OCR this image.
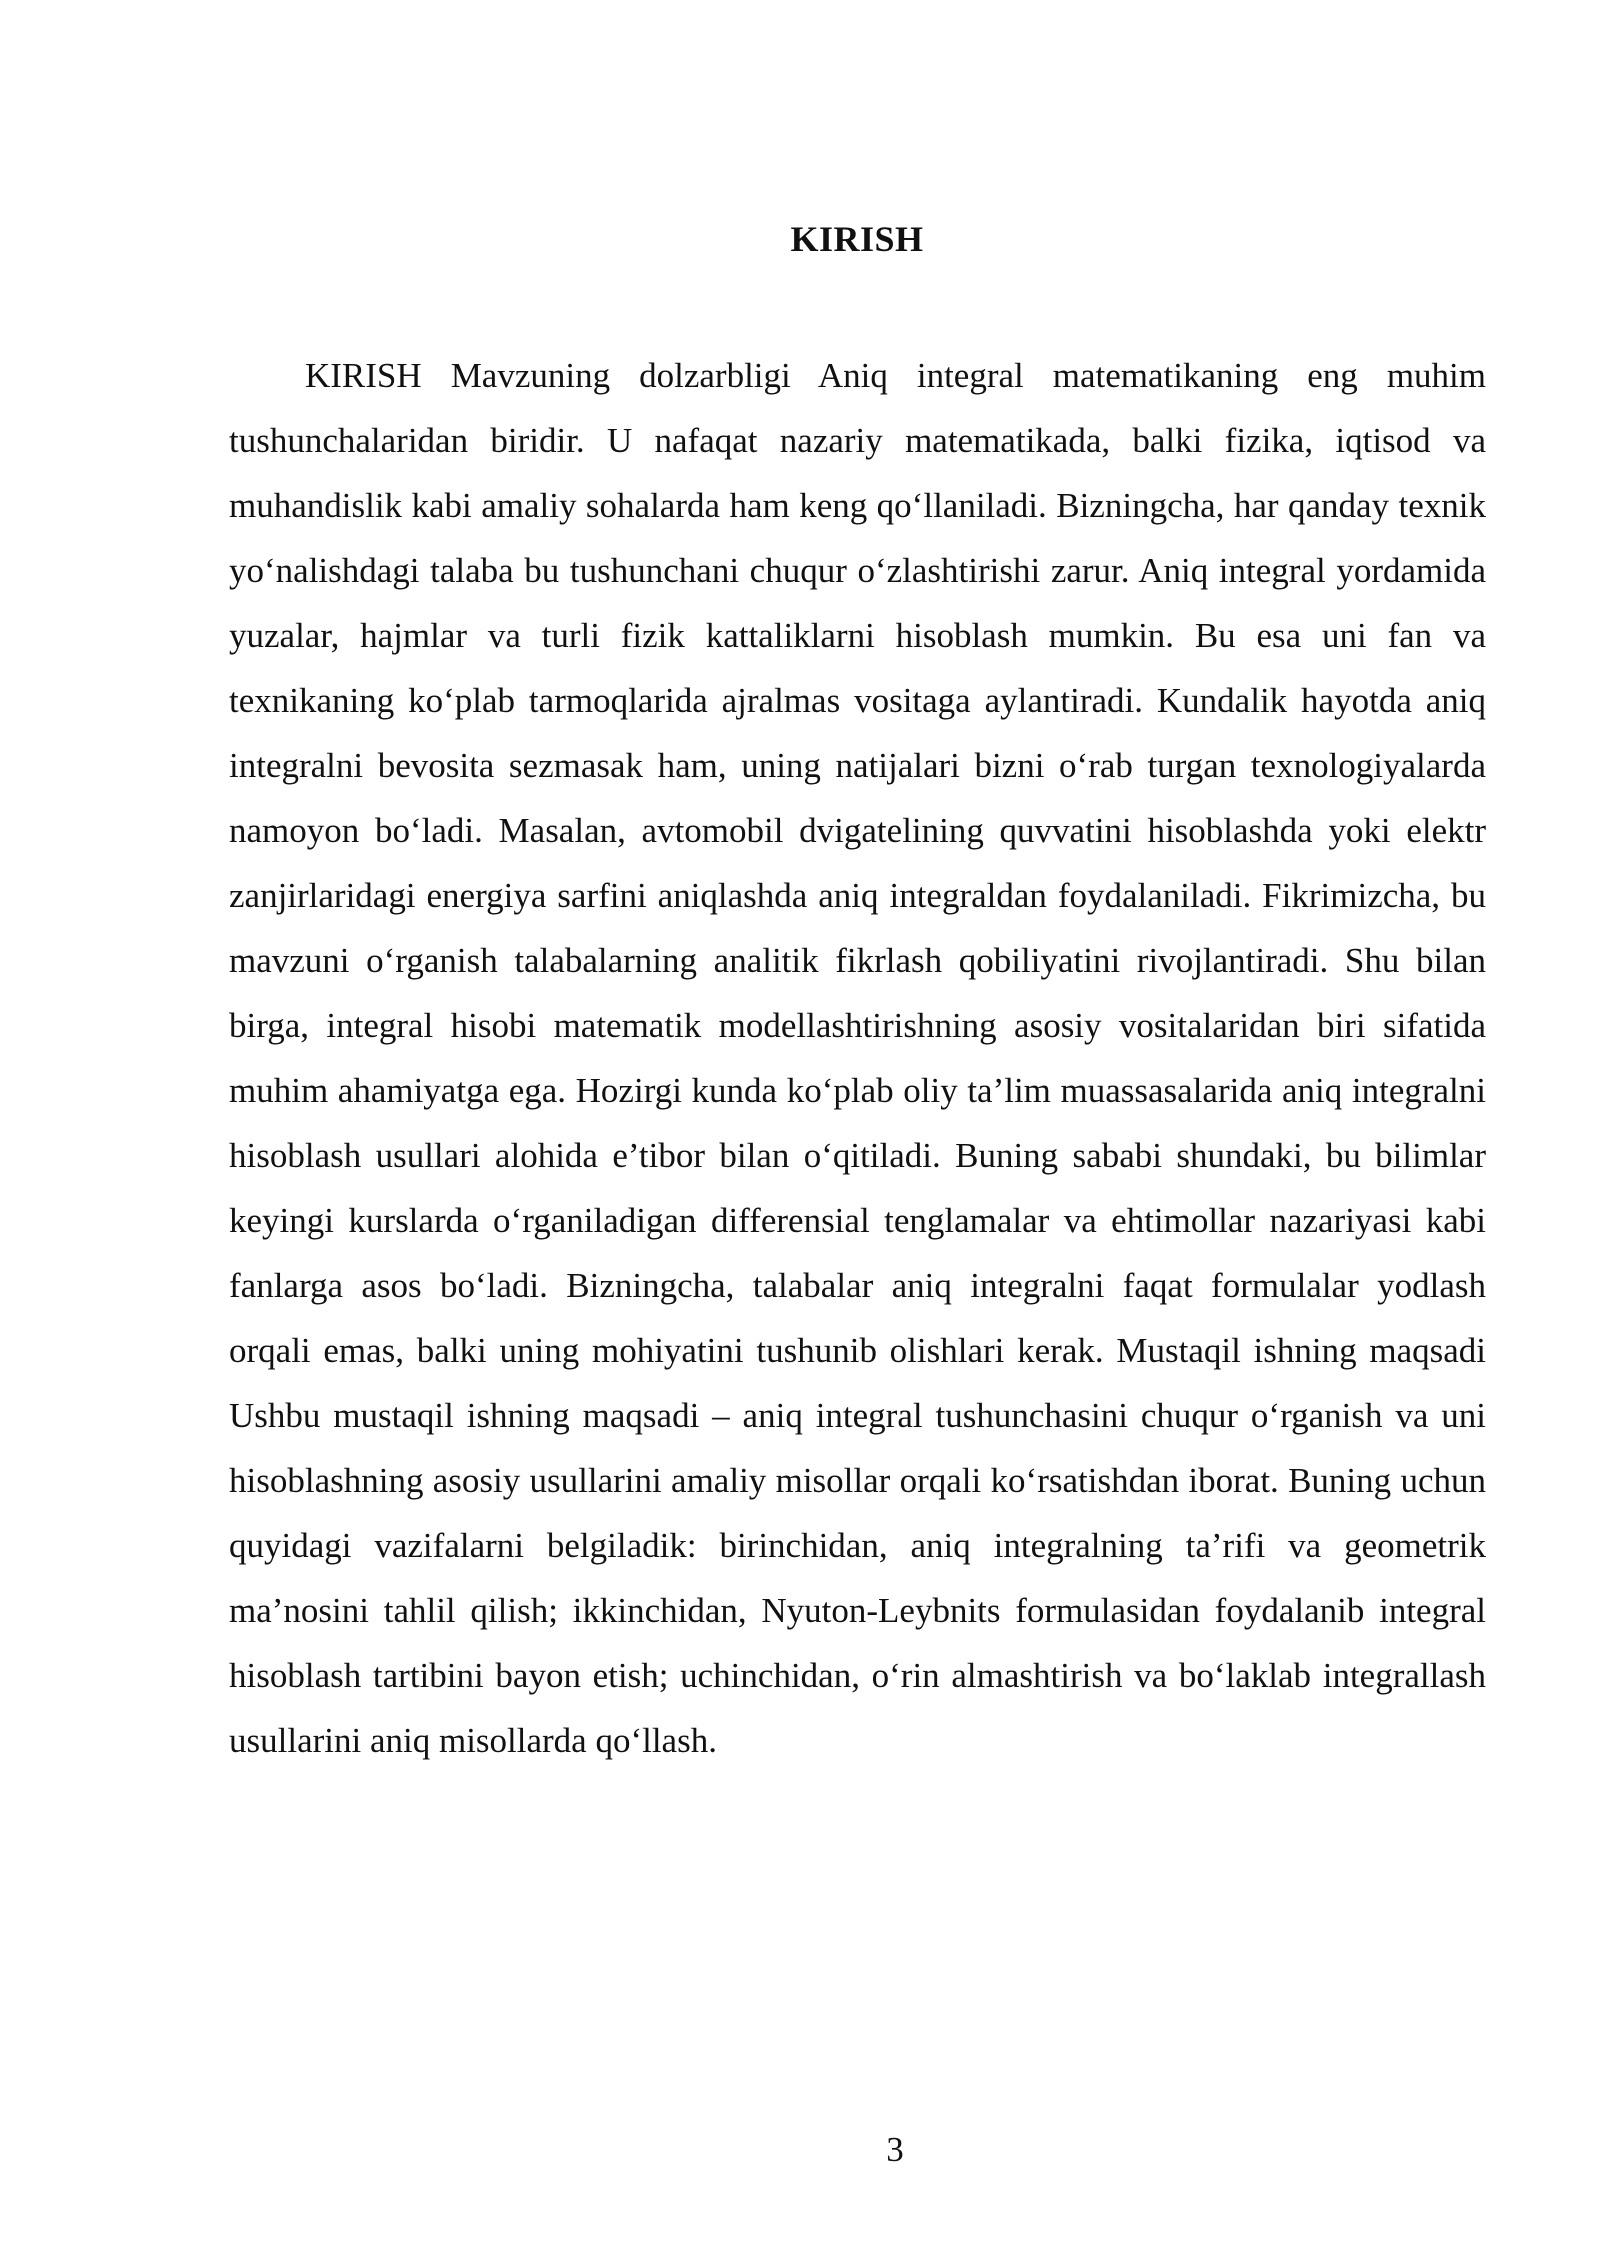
KIRISH

KIRISH Mavzuning dolzarbligi Aniq integral matematikaning eng muhim tushunchalaridan biridir. U nafaqat nazariy matematikada, balki fizika, iqtisod va muhandislik kabi amaliy sohalarda ham keng qo‘llaniladi. Bizningcha, har qanday texnik yo‘nalishdagi talaba bu tushunchani chuqur o‘zlashtirishi zarur. Aniq integral yordamida yuzalar, hajmlar va turli fizik kattaliklarni hisoblash mumkin. Bu esa uni fan va texnikaning ko‘plab tarmoqlarida ajralmas vositaga aylantiradi. Kundalik hayotda aniq integralni bevosita sezmasak ham, uning natijalari bizni o‘rab turgan texnologiyalarda namoyon bo‘ladi. Masalan, avtomobil dvigatelining quvvatini hisoblashda yoki elektr zanjirlaridagi energiya sarfini aniqlashda aniq integraldan foydalaniladi. Fikrimizcha, bu mavzuni o‘rganish talabalarning analitik fikrlash qobiliyatini rivojlantiradi. Shu bilan birga, integral hisobi matematik modellashtirishning asosiy vositalaridan biri sifatida muhim ahamiyatga ega. Hozirgi kunda ko‘plab oliy ta’lim muassasalarida aniq integralni hisoblash usullari alohida e’tibor bilan o‘qitiladi. Buning sababi shundaki, bu bilimlar keyingi kurslarda o‘rganiladigan differensial tenglamalar va ehtimollar nazariyasi kabi fanlarga asos bo‘ladi. Bizningcha, talabalar aniq integralni faqat formulalar yodlash orqali emas, balki uning mohiyatini tushunib olishlari kerak. Mustaqil ishning maqsadi Ushbu mustaqil ishning maqsadi – aniq integral tushunchasini chuqur o‘rganish va uni hisoblashning asosiy usullarini amaliy misollar orqali ko‘rsatishdan iborat. Buning uchun quyidagi vazifalarni belgiladik: birinchidan, aniq integralning ta’rifi va geometrik ma’nosini tahlil qilish; ikkinchidan, Nyuton-Leybnits formulasidan foydalanib integral hisoblash tartibini bayon etish; uchinchidan, o‘rin almashtirish va bo‘laklab integrallash usullarini aniq misollarda qo‘llash.

3
